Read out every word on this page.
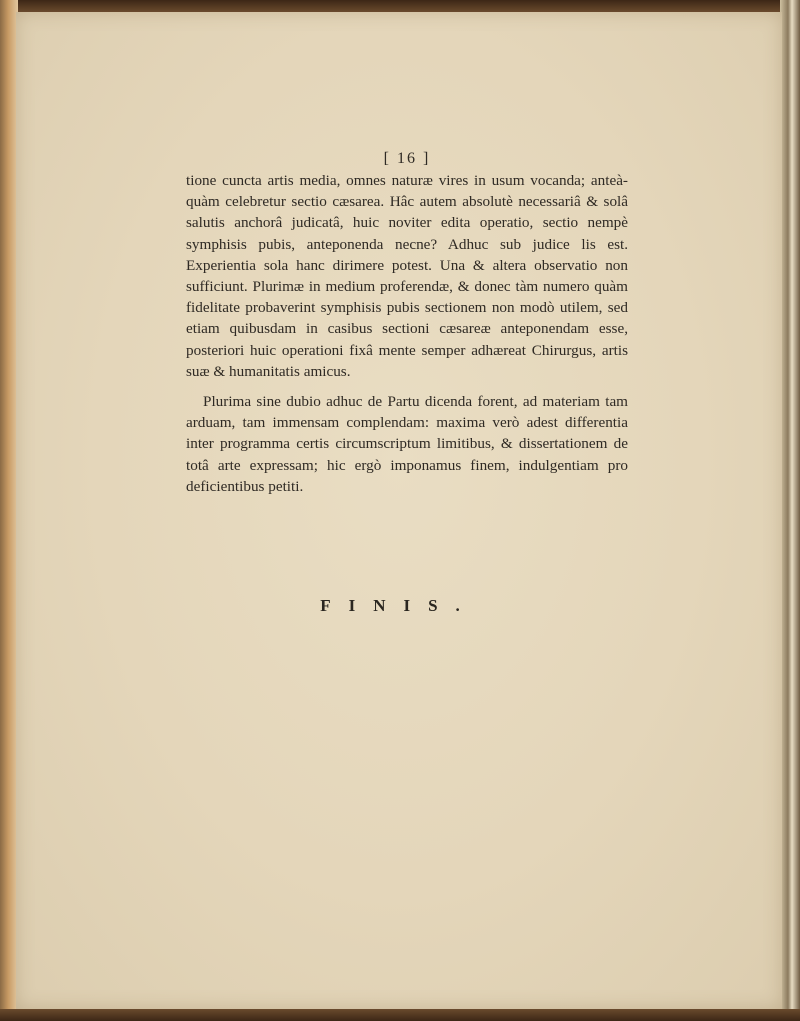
[ 16 ]

tione cuncta artis media, omnes naturæ vires in usum vocanda; anteà-quàm celebretur sectio cæsarea. Hâc autem absolutè necessariâ & solâ salutis anchorâ judicatâ, huic noviter edita operatio, sectio nempè symphisis pubis, anteponenda necne? Adhuc sub judice lis est. Experientia sola hanc dirimere potest. Una & altera observatio non sufficiunt. Plurimæ in medium proferendæ, & donec tàm numero quàm fidelitate probaverint symphisis pubis sectionem non modò utilem, sed etiam quibusdam in casibus sectioni cæsareæ anteponendam esse, posteriori huic operationi fixâ mente semper adhæreat Chirurgus, artis suæ & humanitatis amicus.

Plurima sine dubio adhuc de Partu dicenda forent, ad materiam tam arduam, tam immensam complendam: maxima verò adest differentia inter programma certis circumscriptum limitibus, & dissertationem de totâ arte expressam; hic ergò imponamus finem, indulgentiam pro deficientibus petiti.

FINIS.
